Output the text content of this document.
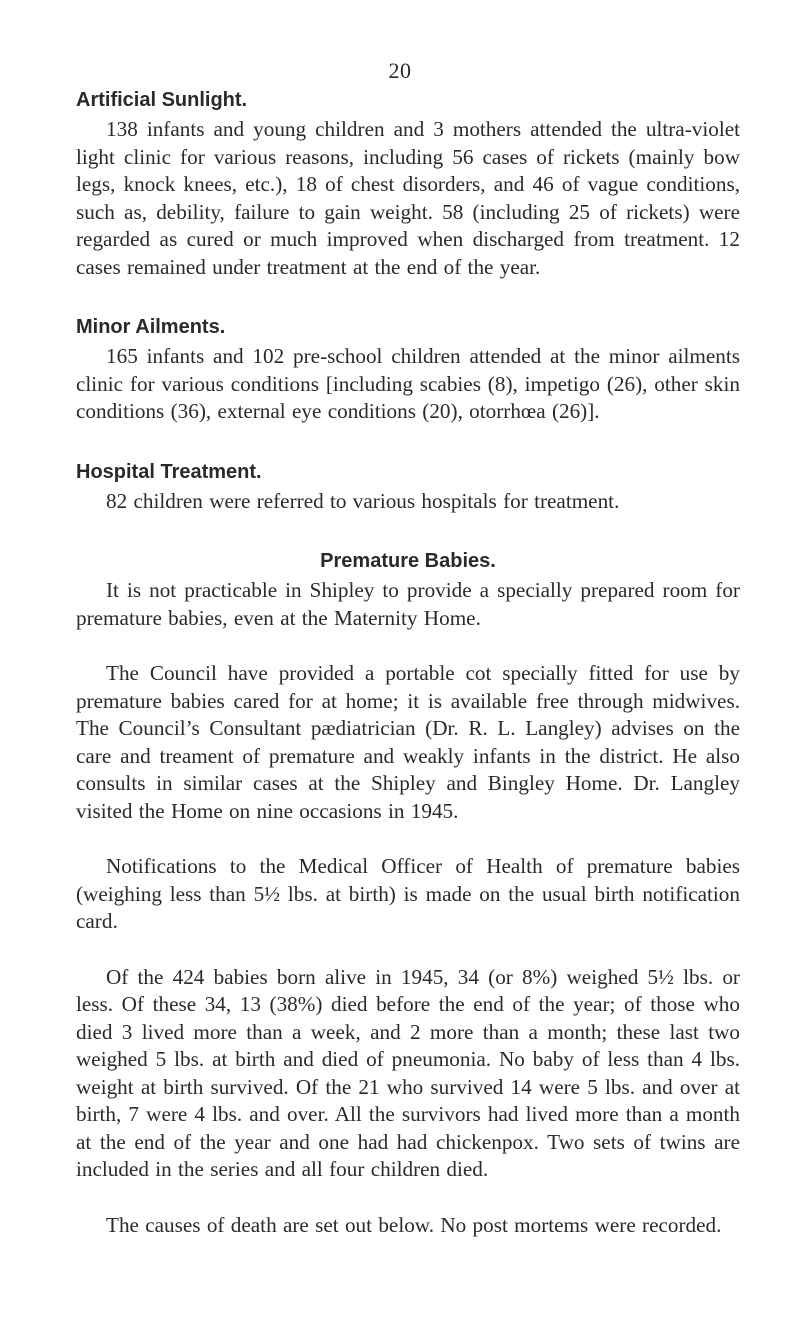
20
Artificial Sunlight.

138 infants and young children and 3 mothers attended the ultra-violet light clinic for various reasons, including 56 cases of rickets (mainly bow legs, knock knees, etc.), 18 of chest disorders, and 46 of vague conditions, such as, debility, failure to gain weight. 58 (including 25 of rickets) were regarded as cured or much improved when discharged from treatment. 12 cases remained under treatment at the end of the year.

Minor Ailments.

165 infants and 102 pre-school children attended at the minor ailments clinic for various conditions [including scabies (8), impetigo (26), other skin conditions (36), external eye conditions (20), otorrhœa (26)].

Hospital Treatment.

82 children were referred to various hospitals for treatment.

Premature Babies.

It is not practicable in Shipley to provide a specially prepared room for premature babies, even at the Maternity Home.

The Council have provided a portable cot specially fitted for use by premature babies cared for at home; it is available free through midwives. The Council’s Consultant pædiatrician (Dr. R. L. Langley) advises on the care and treament of premature and weakly infants in the district. He also consults in similar cases at the Shipley and Bingley Home. Dr. Langley visited the Home on nine occasions in 1945.

Notifications to the Medical Officer of Health of premature babies (weighing less than 5½ lbs. at birth) is made on the usual birth notification card.

Of the 424 babies born alive in 1945, 34 (or 8%) weighed 5½ lbs. or less. Of these 34, 13 (38%) died before the end of the year; of those who died 3 lived more than a week, and 2 more than a month; these last two weighed 5 lbs. at birth and died of pneumonia. No baby of less than 4 lbs. weight at birth survived. Of the 21 who survived 14 were 5 lbs. and over at birth, 7 were 4 lbs. and over. All the survivors had lived more than a month at the end of the year and one had had chickenpox. Two sets of twins are included in the series and all four children died.

The causes of death are set out below. No post mortems were recorded.
